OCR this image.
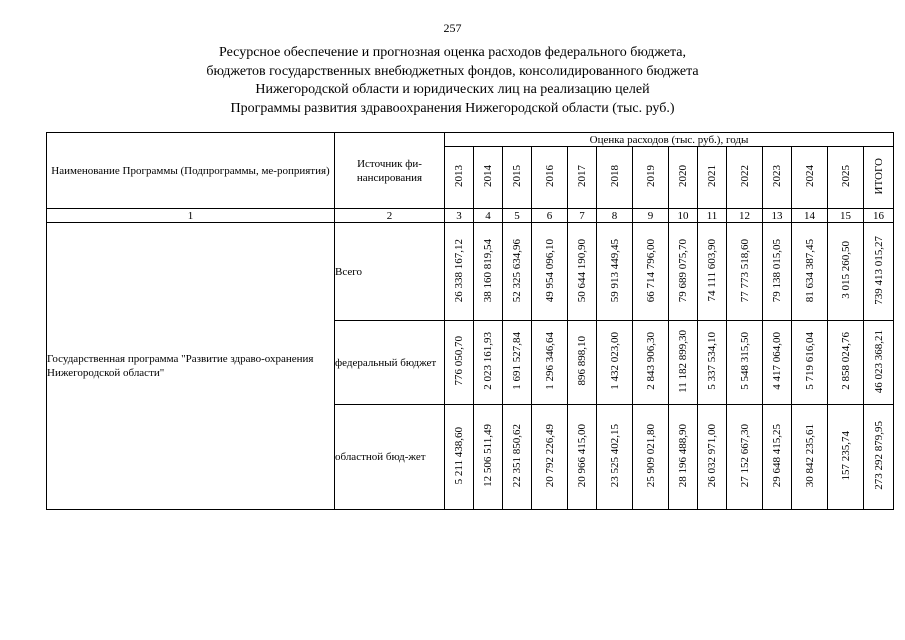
257
Ресурсное обеспечение и прогнозная оценка расходов федерального бюджета,
бюджетов государственных внебюджетных фондов, консолидированного бюджета
Нижегородской области и юридических лиц на реализацию целей
Программы развития здравоохранения Нижегородской области (тыс. руб.)
Наименование Программы (Подпрограммы, ме-роприятия)	Источник фи-нансирования	Оценка расходов (тыс. руб.), годы													
		2013	2014	2015	2016	2017	2018	2019	2020	2021	2022	2023	2024	2025	ИТОГО
1	2	3	4	5	6	7	8	9	10	11	12	13	14	15	16
Государственная программа "Развитие здраво-охранения Нижегородской области"	Всего	26 338 167,12	38 160 819,54	52 325 634,96	49 954 096,10	50 644 190,90	59 913 449,45	66 714 796,00	79 689 075,70	74 111 603,90	77 773 518,60	79 138 015,05	81 634 387,45	3 015 260,50	739 413 015,27
	федеральный бюджет	776 050,70	2 023 161,93	1 691 527,84	1 296 346,64	896 898,10	1 432 023,00	2 843 906,30	11 182 899,30	5 337 534,10	5 548 315,50	4 417 064,00	5 719 616,04	2 858 024,76	46 023 368,21
	областной бюд-жет	5 211 438,60	12 506 511,49	22 351 850,62	20 792 226,49	20 966 415,00	23 525 402,15	25 909 021,80	28 196 488,90	26 032 971,00	27 152 667,30	29 648 415,25	30 842 235,61	157 235,74	273 292 879,95
